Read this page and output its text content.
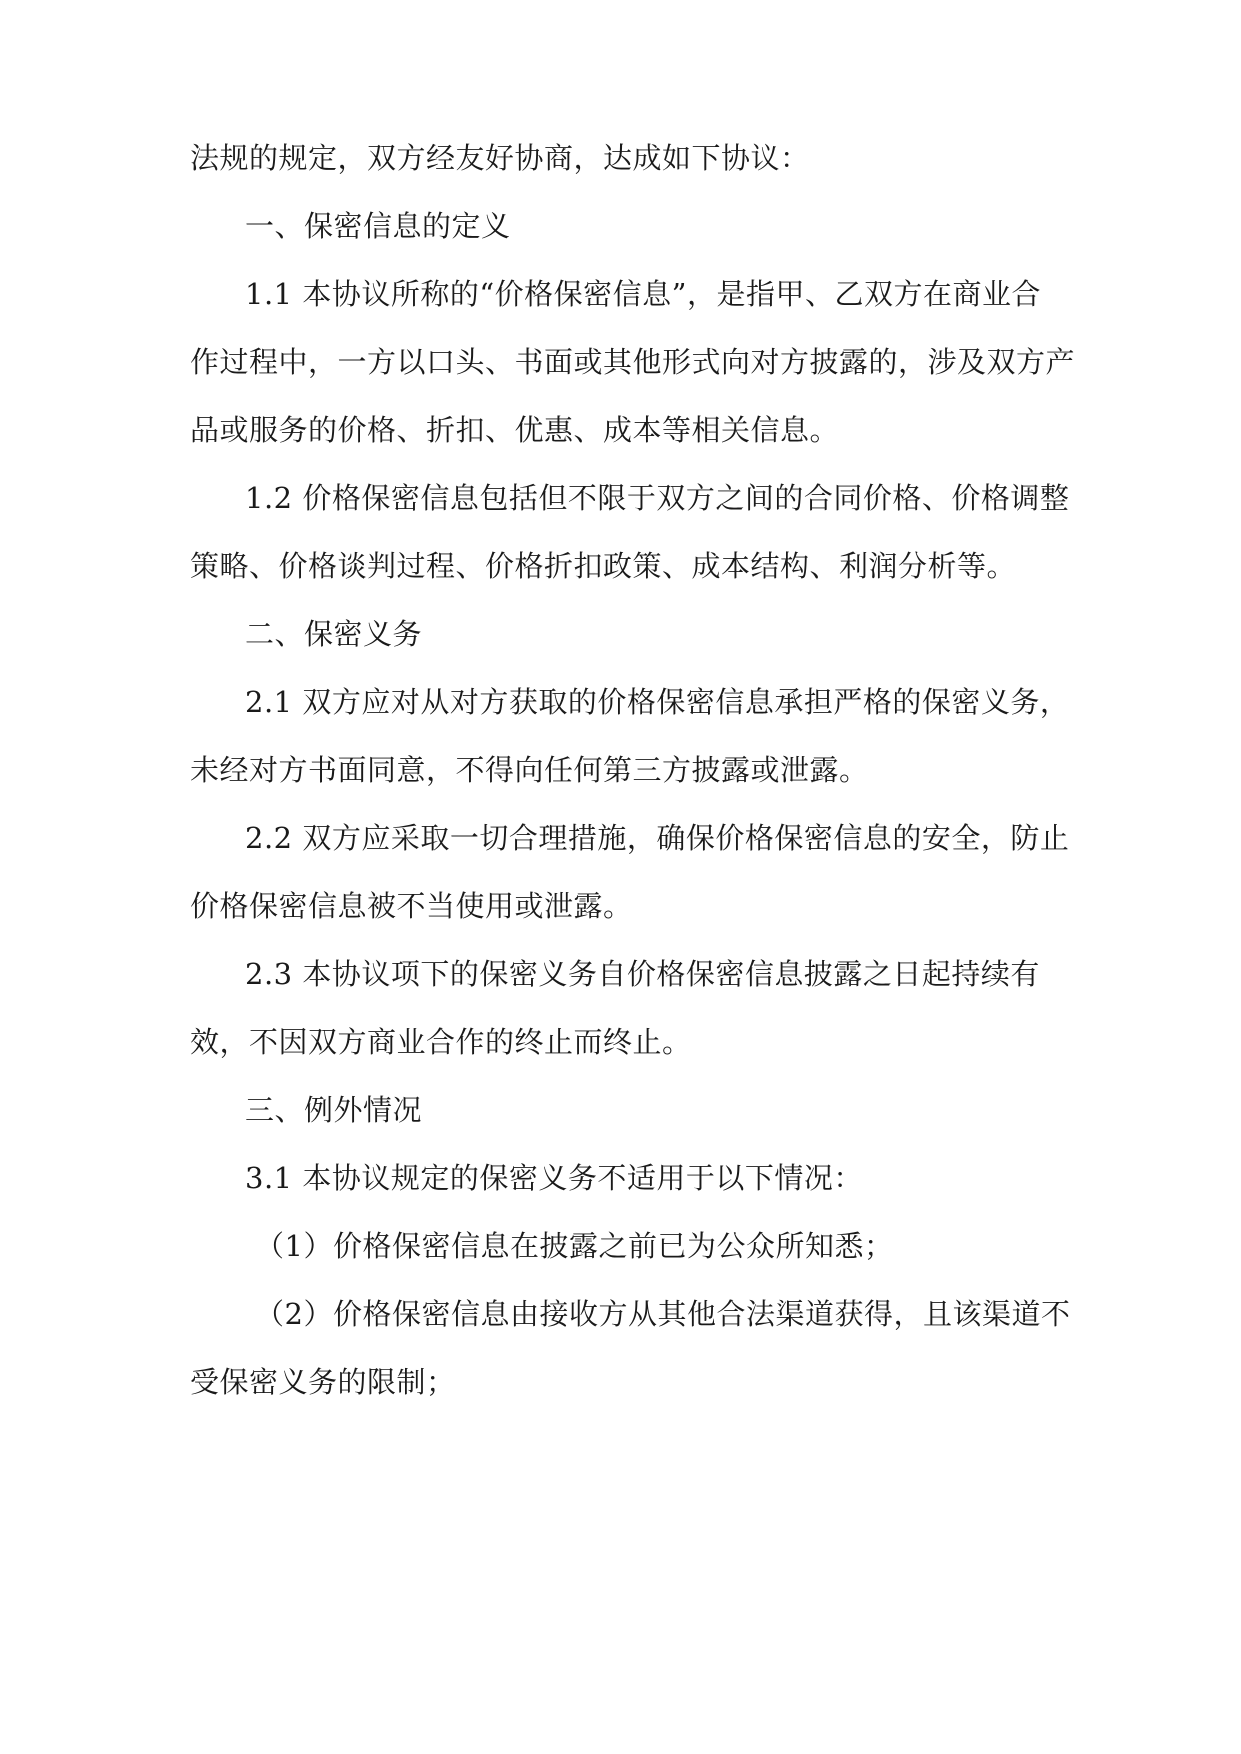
法规的规定，双方经友好协商，达成如下协议：
一、保密信息的定义
1.1 本协议所称的“价格保密信息”，是指甲、乙双方在商业合
作过程中，一方以口头、书面或其他形式向对方披露的，涉及双方产
品或服务的价格、折扣、优惠、成本等相关信息。
1.2 价格保密信息包括但不限于双方之间的合同价格、价格调整
策略、价格谈判过程、价格折扣政策、成本结构、利润分析等。
二、保密义务
2.1 双方应对从对方获取的价格保密信息承担严格的保密义务，
未经对方书面同意，不得向任何第三方披露或泄露。
2.2 双方应采取一切合理措施，确保价格保密信息的安全，防止
价格保密信息被不当使用或泄露。
2.3 本协议项下的保密义务自价格保密信息披露之日起持续有
效，不因双方商业合作的终止而终止。
三、例外情况
3.1 本协议规定的保密义务不适用于以下情况：
（1）价格保密信息在披露之前已为公众所知悉；
（2）价格保密信息由接收方从其他合法渠道获得，且该渠道不
受保密义务的限制；
